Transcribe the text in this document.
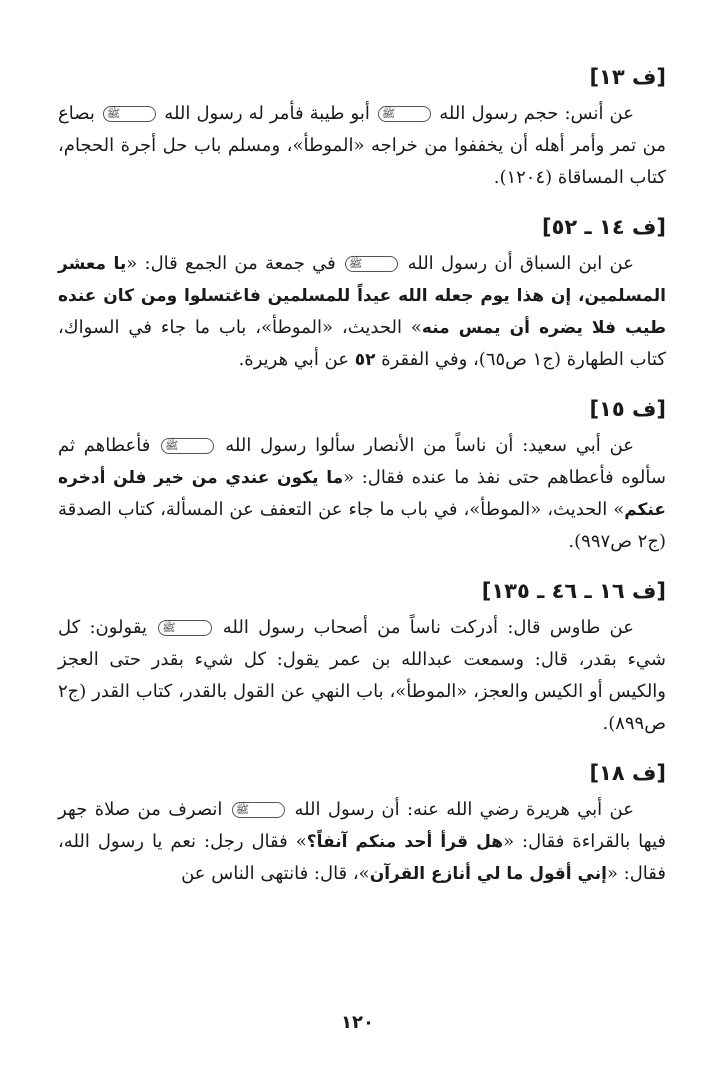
[ف ١٣]

عن أنس: حجم رسول الله ﷺ أبو طيبة فأمر له رسول الله ﷺ بصاع من تمر وأمر أهله أن يخففوا من خراجه «الموطأ»، ومسلم باب حل أجرة الحجام، كتاب المساقاة (١٢٠٤).

[ف ١٤ ـ ٥٢]

عن ابن السباق أن رسول الله ﷺ في جمعة من الجمع قال: «يا معشر المسلمين، إن هذا يوم جعله الله عيداً للمسلمين فاغتسلوا ومن كان عنده طيب فلا يضره أن يمس منه» الحديث، «الموطأ»، باب ما جاء في السواك، كتاب الطهارة (ج١ ص٦٥)، وفي الفقرة ٥٢ عن أبي هريرة.

[ف ١٥]

عن أبي سعيد: أن ناساً من الأنصار سألوا رسول الله ﷺ فأعطاهم ثم سألوه فأعطاهم حتى نفذ ما عنده فقال: «ما يكون عندي من خير فلن أدخره عنكم» الحديث، «الموطأ»، في باب ما جاء عن التعفف عن المسألة، كتاب الصدقة (ج٢ ص٩٩٧).

[ف ١٦ ـ ٤٦ ـ ١٣٥]

عن طاوس قال: أدركت ناساً من أصحاب رسول الله ﷺ يقولون: كل شيء بقدر، قال: وسمعت عبدالله بن عمر يقول: كل شيء بقدر حتى العجز والكيس أو الكيس والعجز، «الموطأ»، باب النهي عن القول بالقدر، كتاب القدر (ج٢ ص٨٩٩).

[ف ١٨]

عن أبي هريرة رضي الله عنه: أن رسول الله ﷺ انصرف من صلاة جهر فيها بالقراءة فقال: «هل قرأ أحد منكم آنفاً؟» فقال رجل: نعم يا رسول الله، فقال: «إني أقول ما لي أنازع القرآن»، قال: فانتهى الناس عن

١٢٠
